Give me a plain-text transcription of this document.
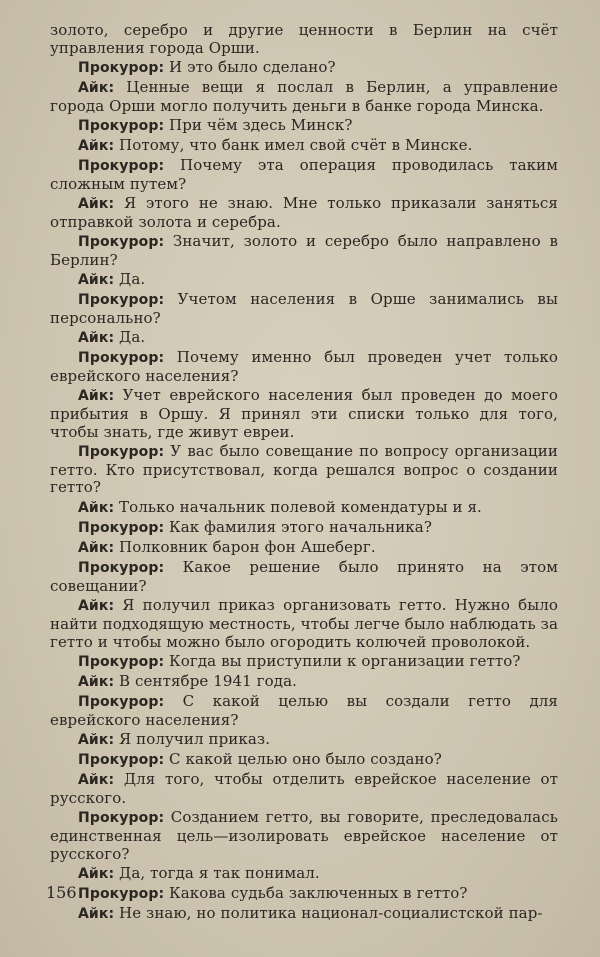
золото, серебро и другие ценности в Берлин на счёт управления города Орши.

Прокурор: И это было сделано?

Айк: Ценные вещи я послал в Берлин, а управление города Орши могло получить деньги в банке города Минска.

Прокурор: При чём здесь Минск?

Айк: Потому, что банк имел свой счёт в Минске.

Прокурор: Почему эта операция проводилась таким сложным путем?

Айк: Я этого не знаю. Мне только приказали заняться отправкой золота и серебра.

Прокурор: Значит, золото и серебро было направлено в Берлин?

Айк: Да.

Прокурор: Учетом населения в Орше занимались вы персонально?

Айк: Да.

Прокурор: Почему именно был проведен учет только еврейского населения?

Айк: Учет еврейского населения был проведен до моего прибытия в Оршу. Я принял эти списки только для того, чтобы знать, где живут евреи.

Прокурор: У вас было совещание по вопросу организации гетто. Кто присутствовал, когда решался вопрос о создании гетто?

Айк: Только начальник полевой комендатуры и я.

Прокурор: Как фамилия этого начальника?

Айк: Полковник барон фон Ашеберг.

Прокурор: Какое решение было принято на этом совещании?

Айк: Я получил приказ организовать гетто. Нужно было найти подходящую местность, чтобы легче было наблюдать за гетто и чтобы можно было огородить колючей проволокой.

Прокурор: Когда вы приступили к организации гетто?

Айк: В сентябре 1941 года.

Прокурор: С какой целью вы создали гетто для еврейского населения?

Айк: Я получил приказ.

Прокурор: С какой целью оно было создано?

Айк: Для того, чтобы отделить еврейское население от русского.

Прокурор: Созданием гетто, вы говорите, преследовалась единственная цель—изолировать еврейское население от русского?

Айк: Да, тогда я так понимал.

Прокурор: Какова судьба заключенных в гетто?

Айк: Не знаю, но политика национал-социалистской пар-

156
